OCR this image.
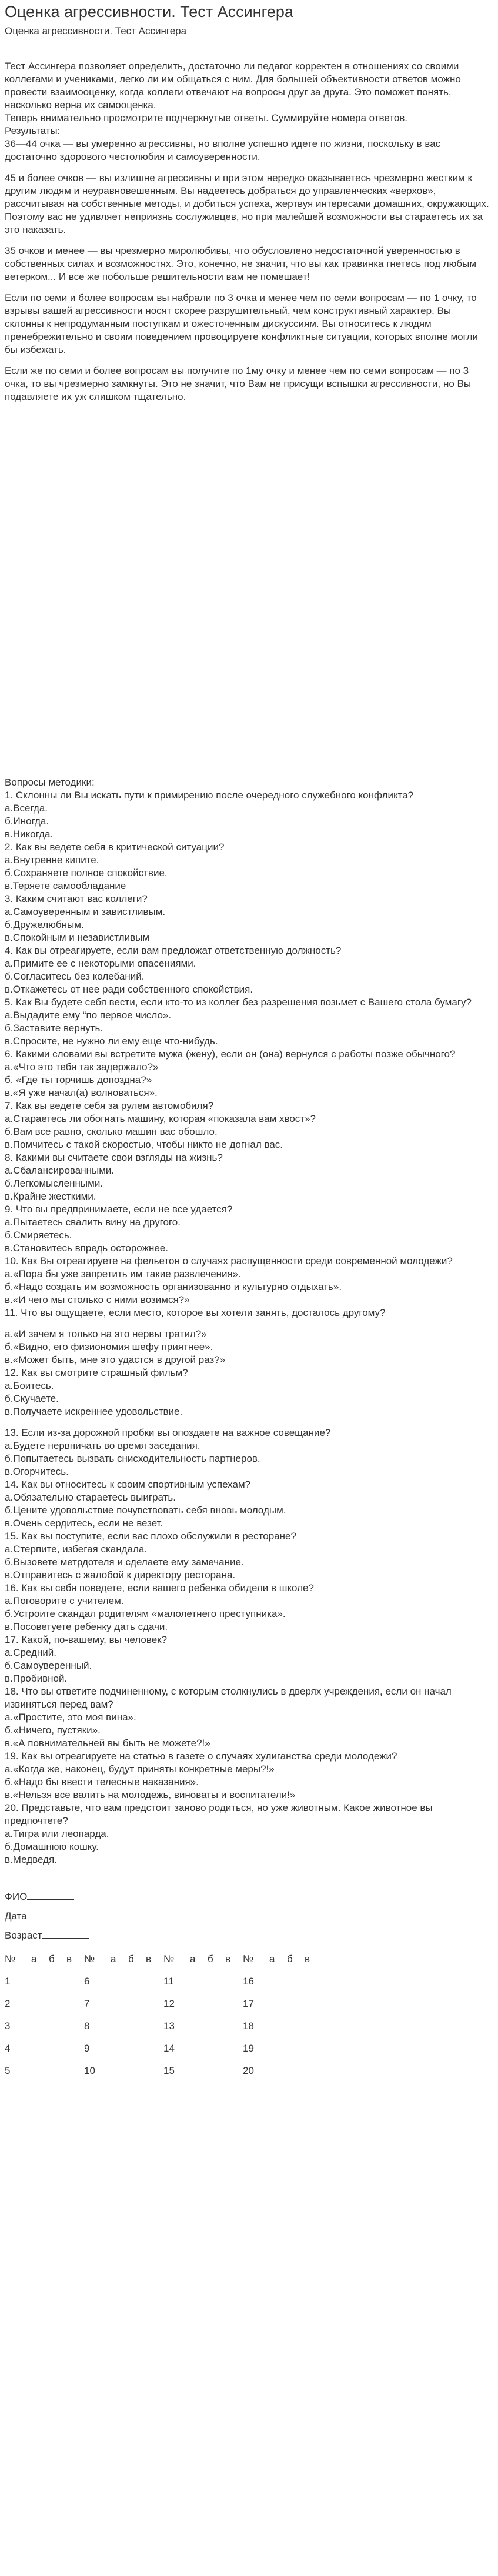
Оценка агрессивности. Тест Ассингера
Оценка агрессивности. Тест Ассингера
Тест Ассингера позволяет определить, достаточно ли педагог корректен в отношениях со своими коллегами и учениками, легко ли им общаться с ним. Для большей объективности ответов можно провести взаимооценку, когда коллеги отвечают на вопросы друг за друга. Это поможет понять, насколько верна их самооценка.
Теперь внимательно просмотрите подчеркнутые ответы. Суммируйте номера ответов.
Результаты:

36—44 очка — вы умеренно агрессивны, но вполне успешно идете по жизни, поскольку в вас достаточно здорового честолюбия и самоуверенности.

45 и более очков — вы излишне агрессивны и при этом нередко оказываетесь чрезмерно жестким к другим людям и неуравновешенным. Вы надеетесь добраться до управленческих «верхов», рассчитывая на собственные методы, и добиться успеха, жертвуя интересами домашних, окружающих. Поэтому вас не удивляет неприязнь сослуживцев, но при малейшей возможности вы стараетесь их за это наказать.

35 очков и менее — вы чрезмерно миролюбивы, что обусловлено недостаточной уверенностью в собственных силах и возможностях. Это, конечно, не значит, что вы как травинка гнетесь под любым ветерком... И все же побольше решительности вам не помешает!

Если по семи и более вопросам вы набрали по 3 очка и менее чем по семи вопросам — по 1 очку, то взрывы вашей агрессивности носят скорее разрушительный, чем конструктивный характер. Вы склонны к непродуманным поступкам и ожесточенным дискуссиям. Вы относитесь к людям пренебрежительно и своим поведением провоцируете конфликтные ситуации, которых вполне могли бы избежать.

Если же по семи и более вопросам вы получите по 1му очку и менее чем по семи вопросам — по 3 очка, то вы чрезмерно замкнуты. Это не значит, что Вам не присущи вспышки агрессивности, но Вы подавляете их уж слишком тщательно.

Вопросы методики:
1. Склонны ли Вы искать пути к примирению после очередного служебного конфликта?
а.Всегда.
б.Иногда.
в.Никогда.
2. Как вы ведете себя в критической ситуации?
а.Внутренне кипите.
б.Сохраняете полное спокойствие.
в.Теряете самообладание
3. Каким считают вас коллеги?
а.Самоуверенным и завистливым.
б.Дружелюбным.
в.Спокойным и независтливым
4. Как вы отреагируете, если вам предложат ответственную должность?
а.Примите ее с некоторыми опасениями.
б.Согласитесь без колебаний.
в.Откажетесь от нее ради собственного спокойствия.
5. Как Вы будете себя вести, если кто-то из коллег без разрешения возьмет с Вашего стола бумагу?
а.Выдадите ему “по первое число».
б.Заставите вернуть.
в.Спросите, не нужно ли ему еще что-нибудь.
6. Какими словами вы встретите мужа (жену), если он (она) вернулся с работы позже обычного?
а.«Что это тебя так задержало?»
б. «Где ты торчишь допоздна?»
в.«Я уже начал(а) волноваться».
7. Как вы ведете себя за рулем автомобиля?
а.Стараетесь ли обогнать машину, которая «показала вам хвост»?
б.Вам все равно, сколько машин вас обошло.
в.Помчитесь с такой скоростью, чтобы никто не догнал вас.
8. Какими вы считаете свои взгляды на жизнь?
а.Сбалансированными.
б.Легкомысленными.
в.Крайне жесткими.
9. Что вы предпринимаете, если не все удается?
а.Пытаетесь свалить вину на другого.
б.Смиряетесь.
в.Становитесь впредь осторожнее.
10. Как Вы отреагируете на фельетон о случаях распущенности среди современной молодежи?
а.«Пора бы уже запретить им такие развлечения».
б.«Надо создать им возможность организованно и культурно отдыхать».
в.«И чего мы столько с ними возимся?»
11. Что вы ощущаете, если место, которое вы хотели занять, досталось другому?
а.«И зачем я только на это нервы тратил?»
б.«Видно, его физиономия шефу приятнее».
в.«Может быть, мне это удастся в другой раз?»
12. Как вы смотрите страшный фильм?
а.Боитесь.
б.Скучаете.
в.Получаете искреннее удовольствие.
13. Если из-за дорожной пробки вы опоздаете на важное совещание?
а.Будете нервничать во время заседания.
б.Попытаетесь вызвать снисходительность партнеров.
в.Огорчитесь.
14. Как вы относитесь к своим спортивным успехам?
а.Обязательно стараетесь выиграть.
б.Цените удовольствие почувствовать себя вновь молодым.
в.Очень сердитесь, если не везет.
15. Как вы поступите, если вас плохо обслужили в ресторане?
а.Стерпите, избегая скандала.
б.Вызовете метрдотеля и сделаете ему замечание.
в.Отправитесь с жалобой к директору ресторана.
16. Как вы себя поведете, если вашего ребенка обидели в школе?
а.Поговорите с учителем.
б.Устроите скандал родителям «малолетнего преступника».
в.Посоветуете ребенку дать сдачи.
17. Какой, по-вашему, вы человек?
а.Средний.
б.Самоуверенный.
в.Пробивной.
18. Что вы ответите подчиненному, с которым столкнулись в дверях учреждения, если он начал извиняться перед вам?
а.«Простите, это моя вина».
б.«Ничего, пустяки».
в.«А повнимательней вы быть не можете?!»
19. Как вы отреагируете на статью в газете о случаях хулиганства среди молодежи?
а.«Когда же, наконец, будут приняты конкретные меры?!»
б.«Надо бы ввести телесные наказания».
в.«Нельзя все валить на молодежь, виноваты и воспитатели!»
20. Представьте, что вам предстоит заново родиться, но уже животным. Какое животное вы предпочтете?
а.Тигра или леопарда.
б.Домашнюю кошку.
в.Медведя.
ФИО
Дата
Возраст
№	а	б	в	№	а	б	в	№	а	б	в	№	а	б	в
1				6				11				16			
2				7				12				17			
3				8				13				18			
4				9				14				19			
5				10				15				20			
